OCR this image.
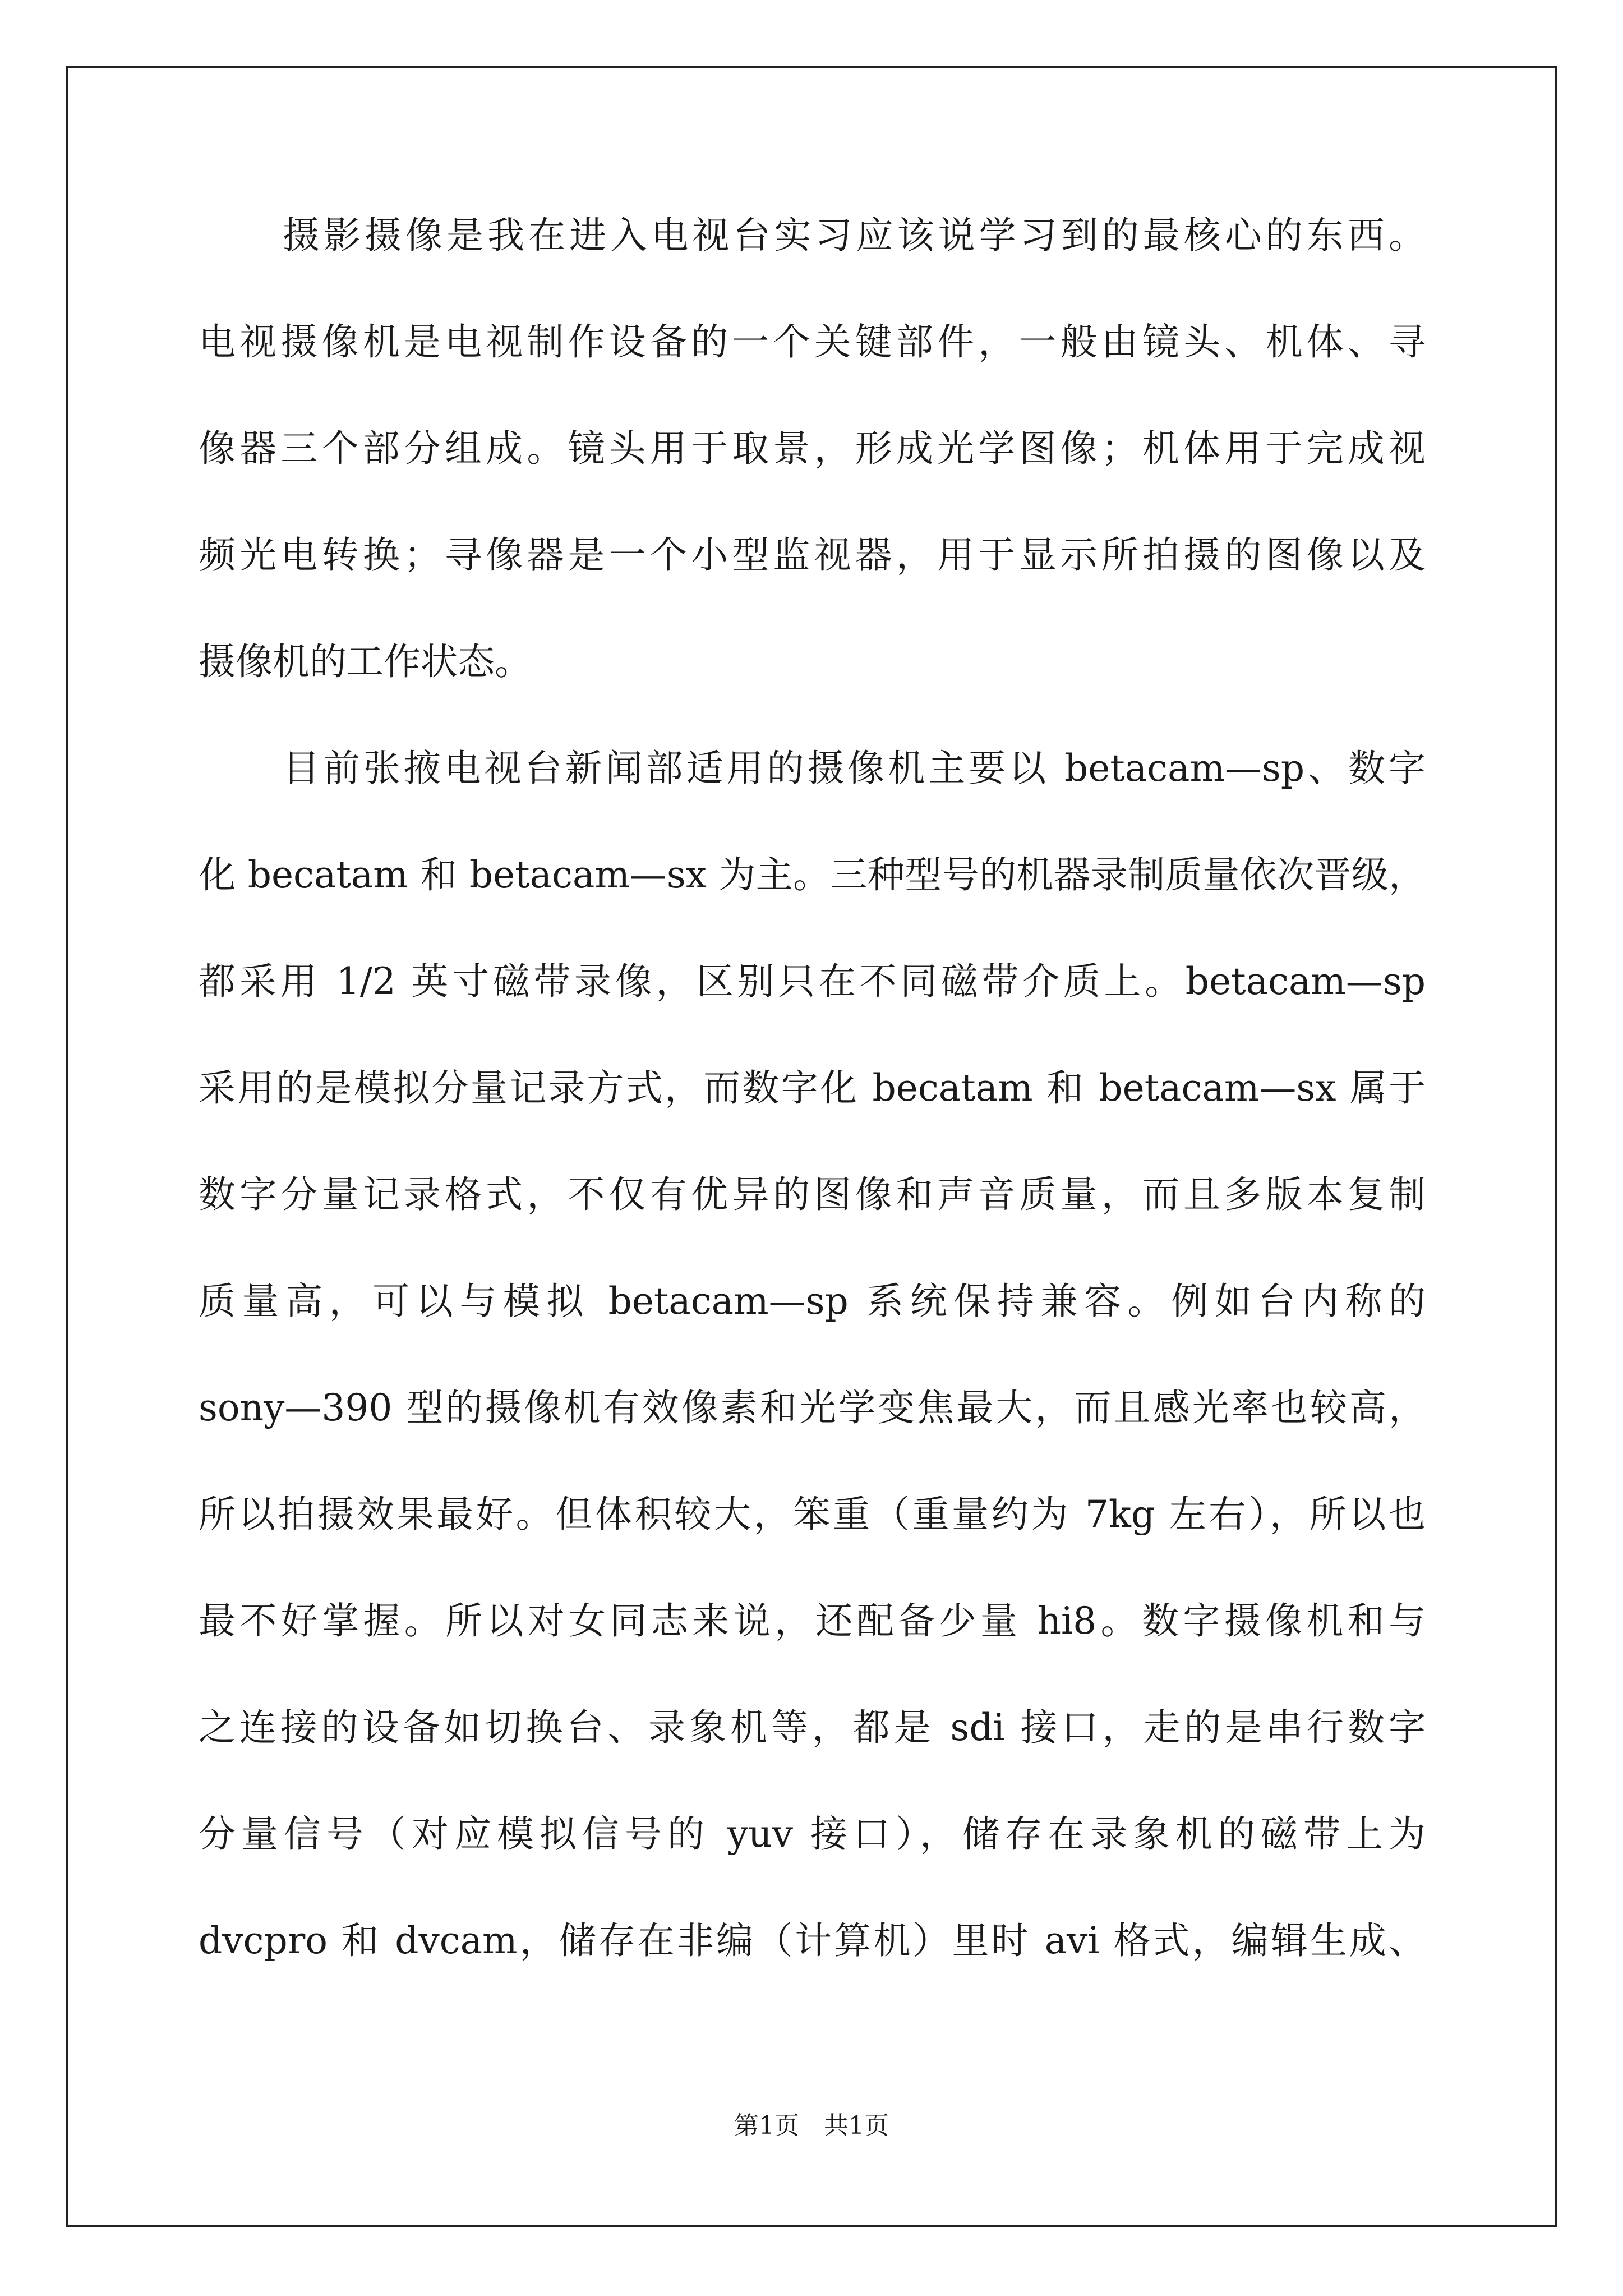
摄影摄像是我在进入电视台实习应该说学习到的最核心的东西。
电视摄像机是电视制作设备的一个关键部件，一般由镜头、机体、寻
像器三个部分组成。镜头用于取景，形成光学图像；机体用于完成视
频光电转换；寻像器是一个小型监视器，用于显示所拍摄的图像以及
摄像机的工作状态。
目前张掖电视台新闻部适用的摄像机主要以 betacam—sp、数字
化 becatam 和 betacam—sx 为主。三种型号的机器录制质量依次晋级，
都采用 1/2 英寸磁带录像，区别只在不同磁带介质上。betacam—sp
采用的是模拟分量记录方式，而数字化 becatam 和 betacam—sx 属于
数字分量记录格式，不仅有优异的图像和声音质量，而且多版本复制
质量高，可以与模拟 betacam—sp 系统保持兼容。例如台内称的
sony—390 型的摄像机有效像素和光学变焦最大，而且感光率也较高，
所以拍摄效果最好。但体积较大，笨重（重量约为 7kg 左右），所以也
最不好掌握。所以对女同志来说，还配备少量 hi8。数字摄像机和与
之连接的设备如切换台、录象机等，都是 sdi 接口，走的是串行数字
分量信号（对应模拟信号的 yuv 接口），储存在录象机的磁带上为
dvcpro 和 dvcam，储存在非编（计算机）里时 avi 格式，编辑生成、
第1页　共1页
